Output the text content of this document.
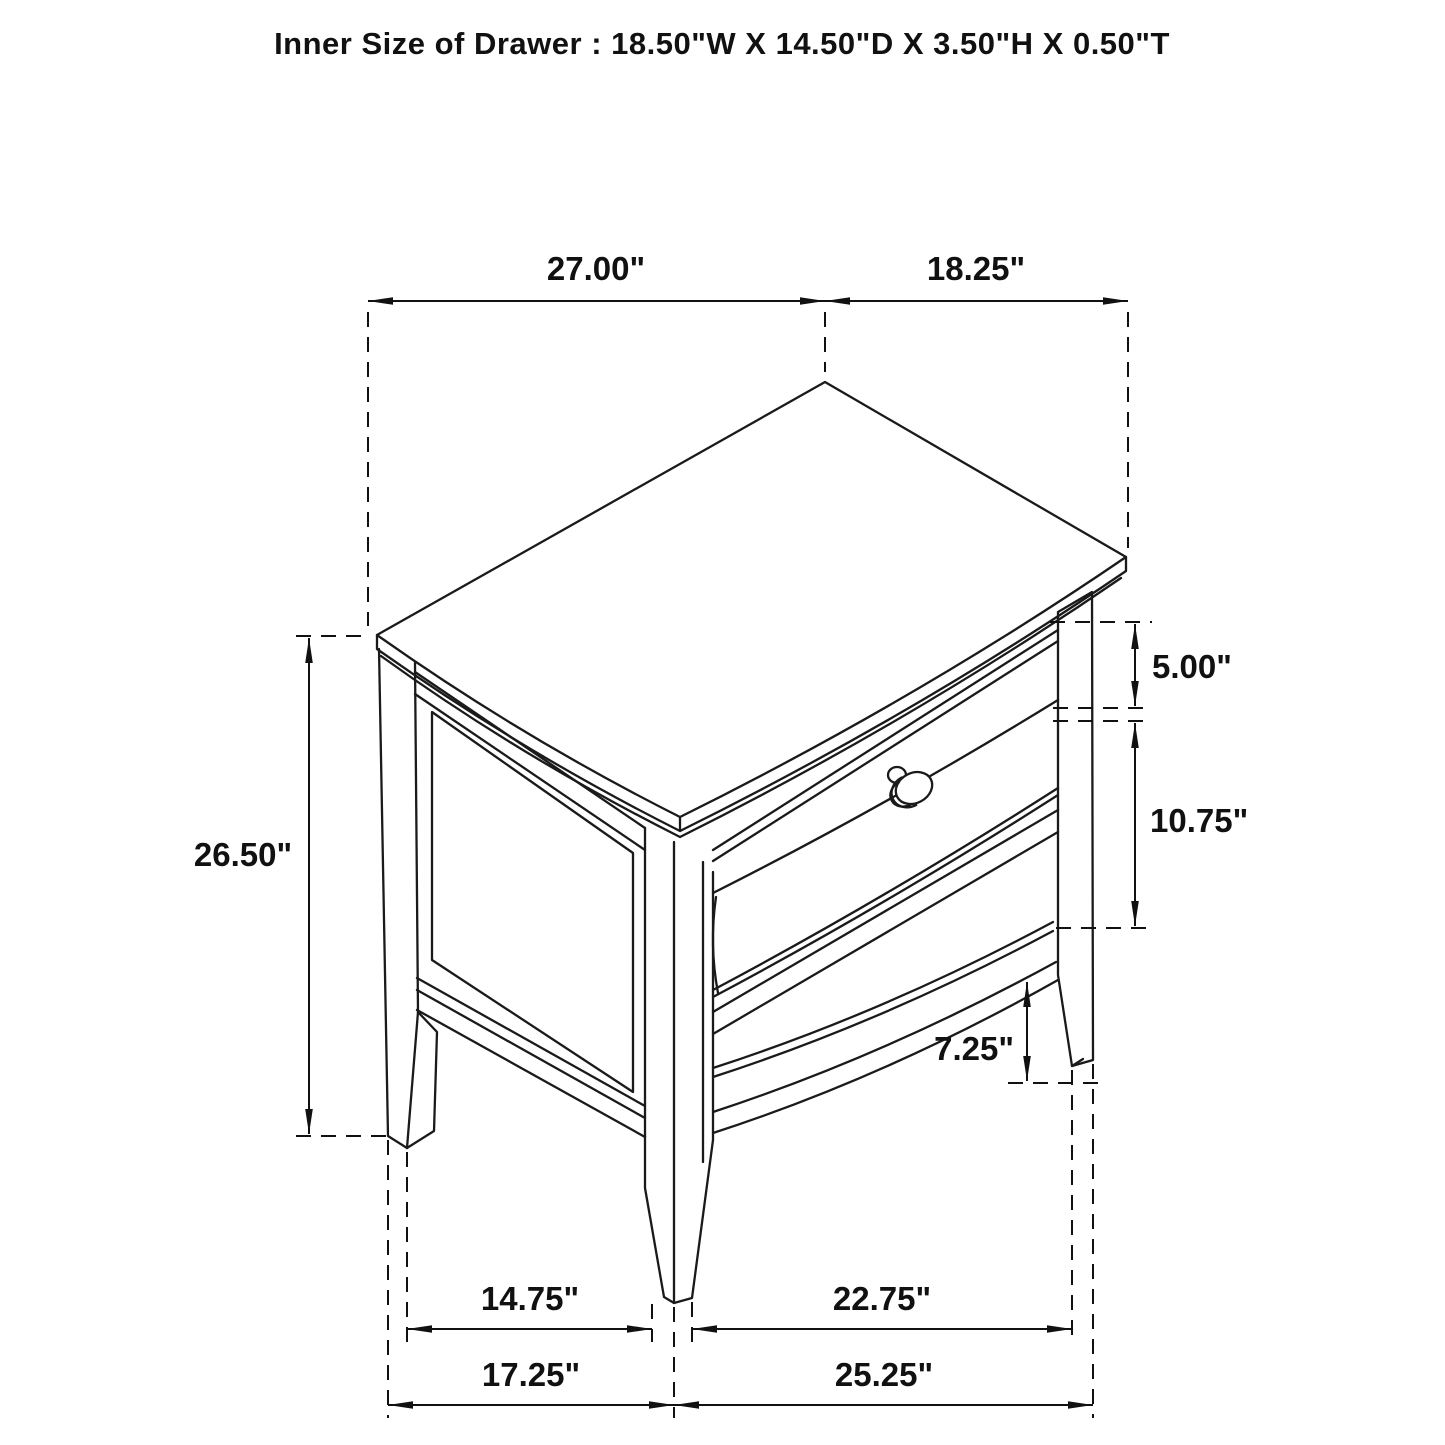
Inner Size of Drawer : 18.50"W X 14.50"D X 3.50"H X 0.50"T
27.00"	18.25"
26.50"
5.00"
10.75"
7.25"
14.75"	22.75"
17.25"	25.25"
